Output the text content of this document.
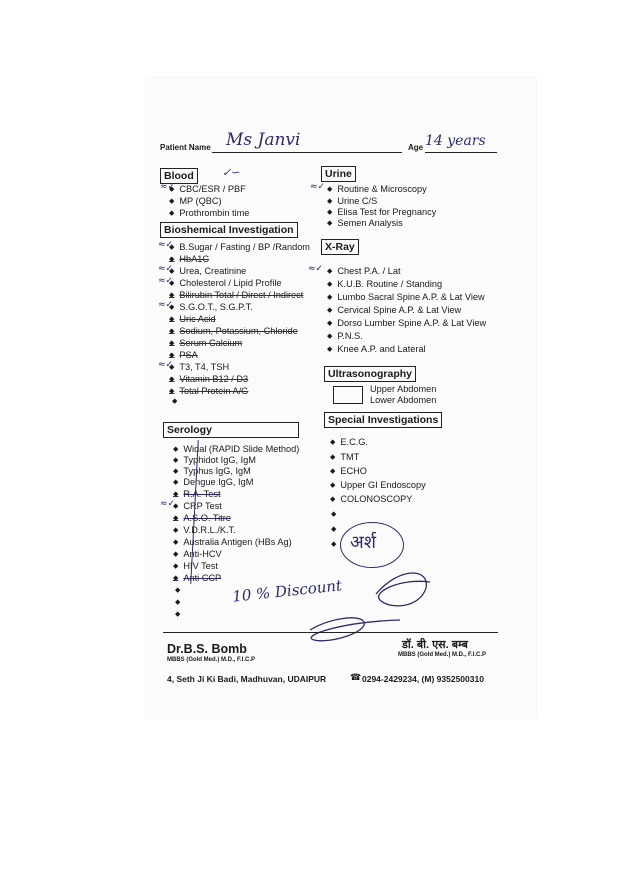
Patient Name Ms Janvi	Age 14 years
Blood	✓∽
◆ CBC/ESR / PBF
≈✓
◆ MP (QBC)
◆ Prothrombin time
Bioshemical Investigation
◆ B.Sugar / Fasting / BP /Random
≈✓
◆ HbA1C
◆ Urea, Creatinine
≈✓
◆ Cholesterol / Lipid Profile
≈✓
◆ Bilirubin Total / Direct / Indirect
◆ S.G.O.T., S.G.P.T.
≈✓
◆ Uric Acid
◆ Sodium, Potassium, Chloride
◆ Serum Calcium
◆ PSA
◆ T3, T4, TSH
≈✓
◆ Vitamin B12 / D3
◆ Total Protein A/G
◆
Urine
◆ Routine & Microscopy
≈✓
◆ Urine C/S
◆ Elisa Test for Pregnancy
◆ Semen Analysis
X-Ray
◆ Chest P.A. / Lat
≈✓
◆ K.U.B. Routine / Standing
◆ Lumbo Sacral Spine A.P. & Lat View
◆ Cervical Spine A.P. & Lat View
◆ Dorso Lumber Spine A.P. & Lat View
◆ P.N.S.
◆ Knee A.P. and Lateral
Ultrasonography
Upper Abdomen
Lower Abdomen
Special Investigations
◆ E.C.G.
◆ TMT
◆ ECHO
◆ Upper GI Endoscopy
◆ COLONOSCOPY
◆
◆
◆
Serology
◆ Widal (RAPID Slide Method)
◆ Typhidot IgG, IgM
◆ Typhus IgG, IgM
◆ Dengue IgG, IgM
◆ R.A. Test
◆ CRP Test
≈✓
◆ A.S.O. Titre
◆ V.D.R.L./K.T.
◆ Australia Antigen (HBs Ag)
◆ Anti-HCV
◆ HIV Test
◆ Anti CCP
◆
◆
◆
अर्श
10 % Discount
Dr.B.S. Bomb
MBBS (Gold Med.) M.D., F.I.C.P
डॉ. बी. एस. बम्ब
MBBS (Gold Med.) M.D., F.I.C.P
4, Seth Ji Ki Badi, Madhuvan, UDAIPUR	☎ 0294-2429234, (M) 9352500310
